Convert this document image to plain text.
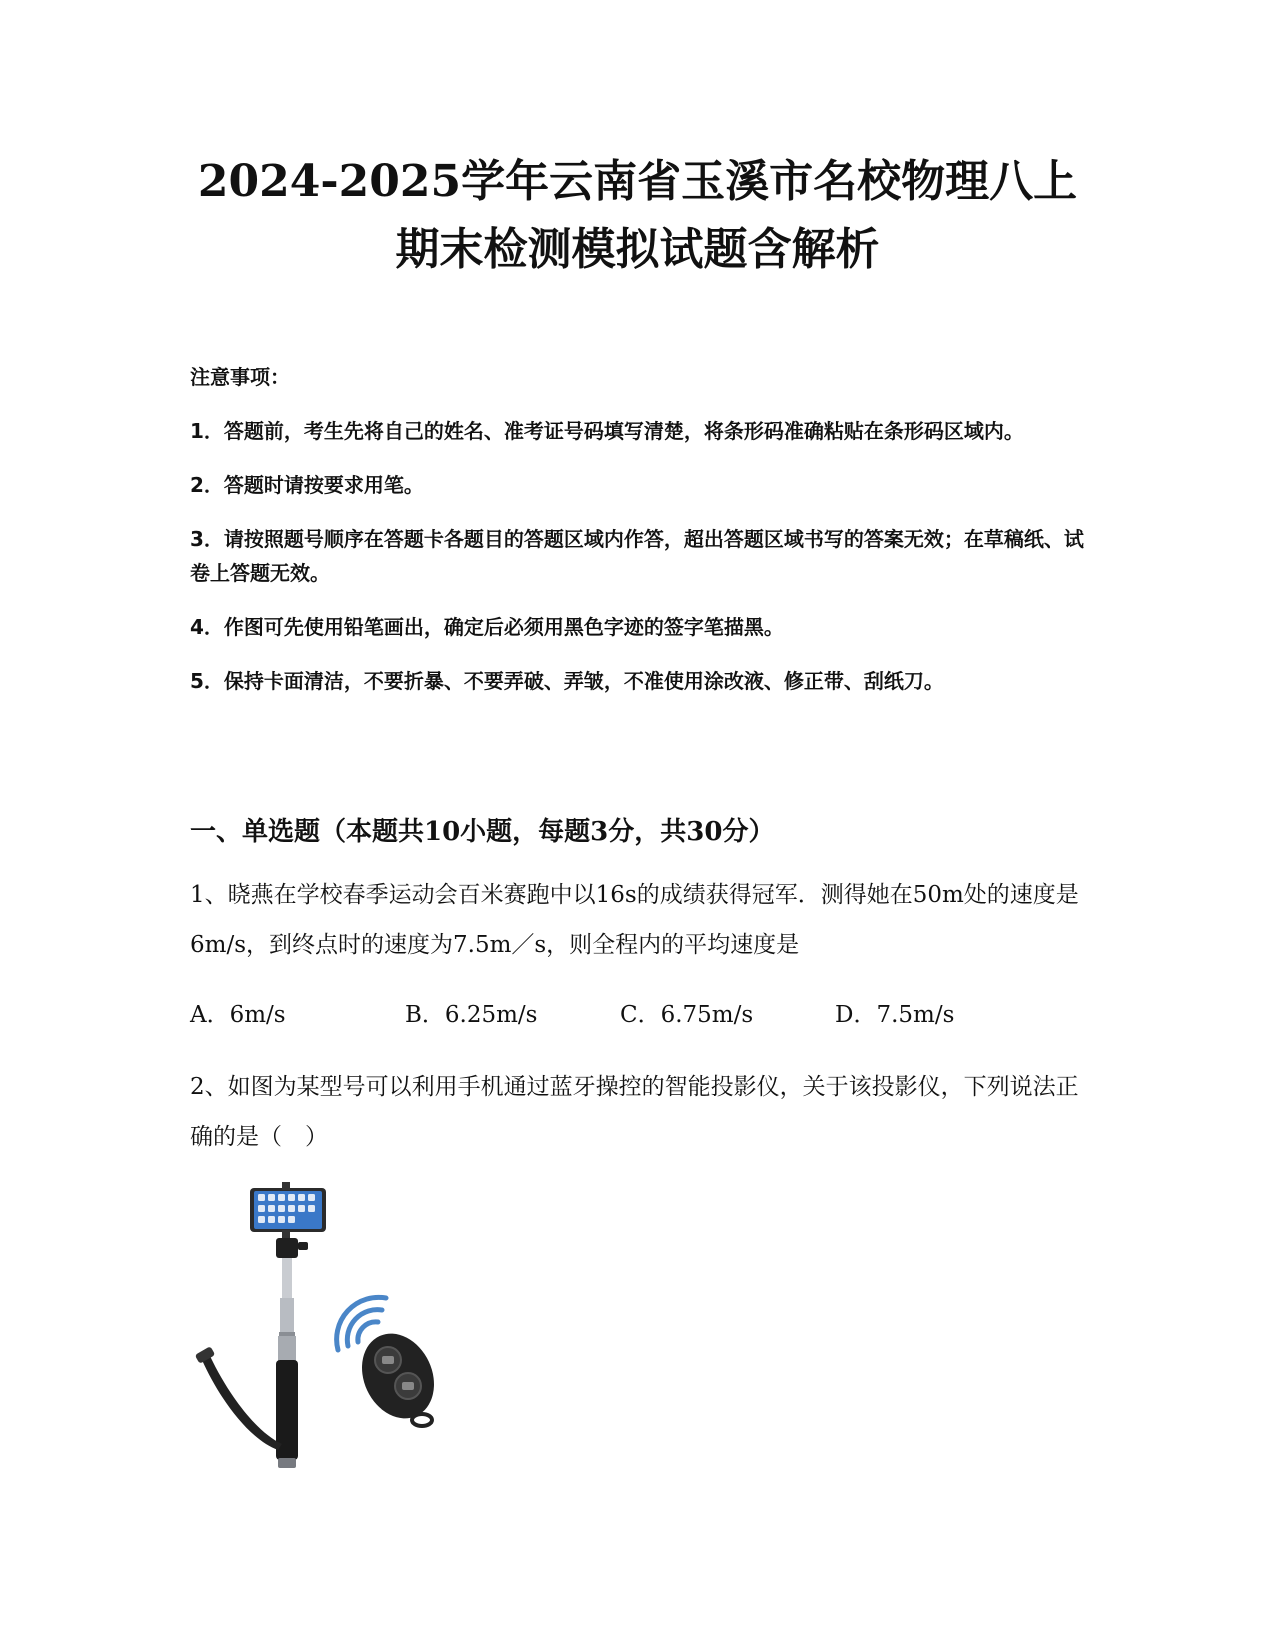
2024-2025学年云南省玉溪市名校物理八上
期末检测模拟试题含解析
注意事项：
1．答题前，考生先将自己的姓名、准考证号码填写清楚，将条形码准确粘贴在条形码区域内。
2．答题时请按要求用笔。
3．请按照题号顺序在答题卡各题目的答题区域内作答，超出答题区域书写的答案无效；在草稿纸、试卷上答题无效。
4．作图可先使用铅笔画出，确定后必须用黑色字迹的签字笔描黑。
5．保持卡面清洁，不要折暴、不要弄破、弄皱，不准使用涂改液、修正带、刮纸刀。
一、单选题（本题共10小题，每题3分，共30分）
1、晓燕在学校春季运动会百米赛跑中以16s的成绩获得冠军．测得她在50m处的速度是 6m/s，到终点时的速度为7.5m／s，则全程内的平均速度是
A．6m/s	B．6.25m/s	C．6.75m/s	D．7.5m/s
2、如图为某型号可以利用手机通过蓝牙操控的智能投影仪，关于该投影仪，下列说法正确的是（　）
